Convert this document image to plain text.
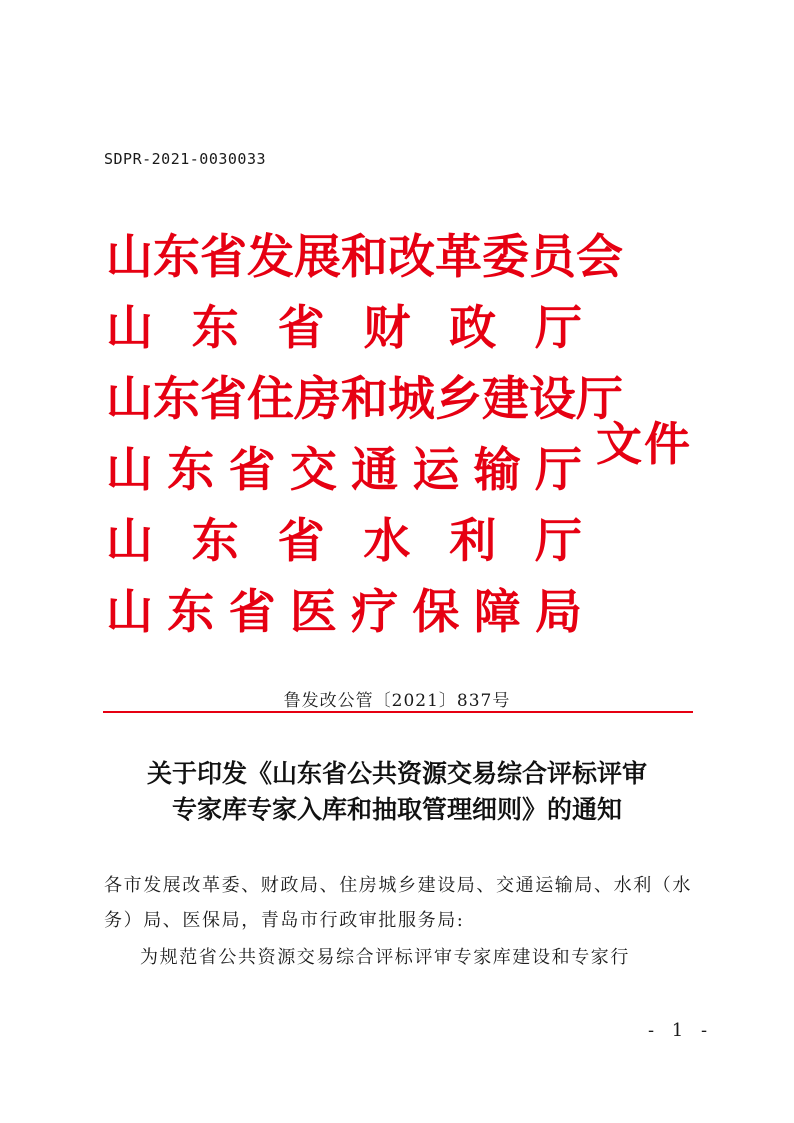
SDPR-2021-0030033
山 东 省 发 展 和 改 革 委 员 会
山 东 省 财 政 厅
山 东 省 住 房 和 城 乡 建 设 厅
山 东 省 交 通 运 输 厅
山 东 省 水 利 厅
山 东 省 医 疗 保 障 局
文件
鲁发改公管〔2021〕837号
关于印发《山东省公共资源交易综合评标评审
专家库专家入库和抽取管理细则》的通知
各市发展改革委、财政局、住房城乡建设局、交通运输局、水利（水务）局、医保局，青岛市行政审批服务局:
为规范省公共资源交易综合评标评审专家库建设和专家行
- 1 -
